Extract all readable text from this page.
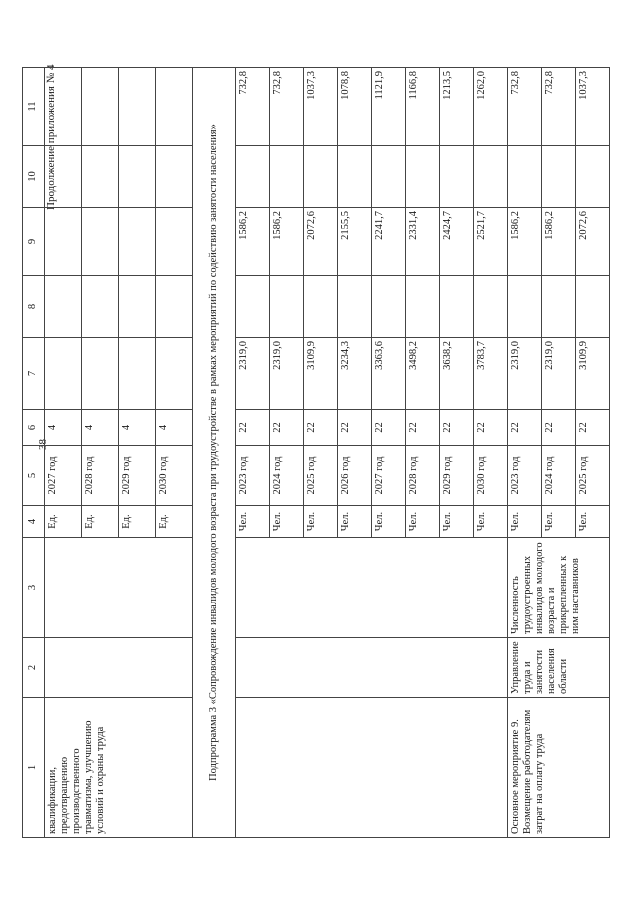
38
Продолжение приложения № 4
1	2	3	4	5	6	7	8	9	10	11
квалификации, предотвращению производственного травматизма, улучшению условий и охраны труда			Ед.	2027 год	4					
			Ед.	2028 год	4					
			Ед.	2029 год	4					
			Ед.	2030 год	4					
Подпрограмма 3 «Сопровождение инвалидов молодого возраста при трудоустройстве в рамках мероприятий по содействию занятости населения»										
			Чел.	2023 год	22	2319,0		1586,2		732,8
			Чел.	2024 год	22	2319,0		1586,2		732,8
			Чел.	2025 год	22	3109,9		2072,6		1037,3
			Чел.	2026 год	22	3234,3		2155,5		1078,8
			Чел.	2027 год	22	3363,6		2241,7		1121,9
			Чел.	2028 год	22	3498,2		2331,4		1166,8
			Чел.	2029 год	22	3638,2		2424,7		1213,5
			Чел.	2030 год	22	3783,7		2521,7		1262,0
Основное мероприятие 9. Возмещение работодателям затрат на оплату труда	Управление труда и занятости населения области	Численность трудоустроенных инвалидов молодого возраста и прикрепленных к ним наставников	Чел.	2023 год	22	2319,0		1586,2		732,8
			Чел.	2024 год	22	2319,0		1586,2		732,8
			Чел.	2025 год	22	3109,9		2072,6		1037,3
